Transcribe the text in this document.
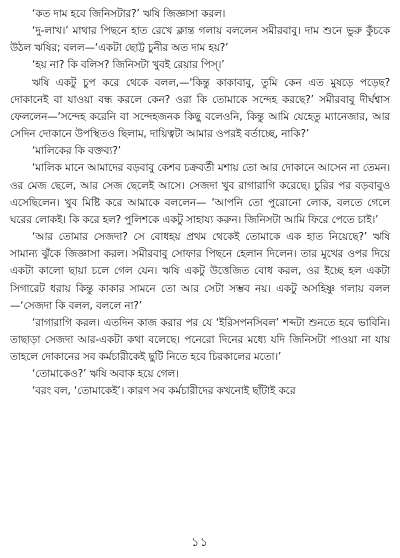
‘কত দাম হবে জিনিসটার?’ ঋষি জিজ্ঞাসা করল।

‘দু-লাখ।’ মাথার পিছনে হাত রেখে ক্লান্ত গলায় বললেন সমীরবাবু। দাম শুনে ভুরু কুঁচকে উঠল ঋষির; বলল—‘একটা ছোট্ট চুনীর অত দাম হয়?’

‘হয় না? কি বলিস? জিনিসটা খুবই রেয়ার পিস্।’

ঋষি একটু চুপ করে থেকে বলল,—‘কিন্তু কাকাবাবু, তুমি কেন এত মুষড়ে পড়েছ? দোকানেই বা যাওয়া বন্ধ করলে কেন? ওরা কি তোমাকে সন্দেহ করছে?’ সমীরবাবু দীর্ঘশ্বাস ফেললেন—‘সন্দেহ করেনি বা সন্দেহজনক কিছু বলেওনি, কিন্তু আমি যেহেতু ম্যানেজার, আর সেদিন দোকানে উপস্থিতও ছিলাম, দায়িত্বটা আমার ওপরই বর্তাচ্ছে, নাকি?’

‘মালিকের কি বক্তব্য?’

‘মালিক মানে আমাদের বড়বাবু কেশব চক্রবর্তী মশায় তো আর দোকানে আসেন না তেমন। ওর মেজ ছেলে, আর সেজ ছেলেই আসে। সেজদা খুব রাগারাগি করেছে। চুরির পর বড়বাবুও এসেছিলেন। খুব মিষ্টি করে আমাকে বললেন— ‘আপনি তো পুরোনো লোক, বলতে গেলে ঘরের লোকই। কি করে হল? পুলিশকে একটু সাহায্য করুন। জিনিসটা আমি ফিরে পেতে চাই।’

‘আর তোমার সেজদা? সে বোধহয় প্রথম থেকেই তোমাকে এক হাত নিয়েছে?’ ঋষি সামান্য ঝুঁকে জিজ্ঞাসা করল। সমীরবাবু সোফার পিছনে হেলান দিলেন। তার মুখের ওপর দিয়ে একটা কালো ছায়া চলে গেল যেন। ঋষি একটু উত্তেজিত বোধ করল, ওর ইচ্ছে হল একটা সিগারেট ধরায় কিন্তু কাকার সামনে তো আর সেটা সম্ভব নয়। একটু অসহিষ্ণু গলায় বলল—‘সেজদা কি বলল, বললে না?’

‘রাগারাগি করল। এতদিন কাজ করার পর যে ‘ইরিসপনসিবল’ শব্দটা শুনতে হবে ভাবিনি। তাছাড়া সেজদা আর-একটা কথা বলেছে। পনেরো দিনের মধ্যে যদি জিনিসটা পাওয়া না যায় তাহলে দোকানের সব কর্মচারীকেই ছুটি নিতে হবে চিরকালের মতো।’

‘তোমাকেও?’ ঋষি অবাক হয়ে গেল।

‘বরং বল, ‘তোমাকেই’। কারণ সব কর্মচারীদের কখনোই ছাঁটাই করে

১১
